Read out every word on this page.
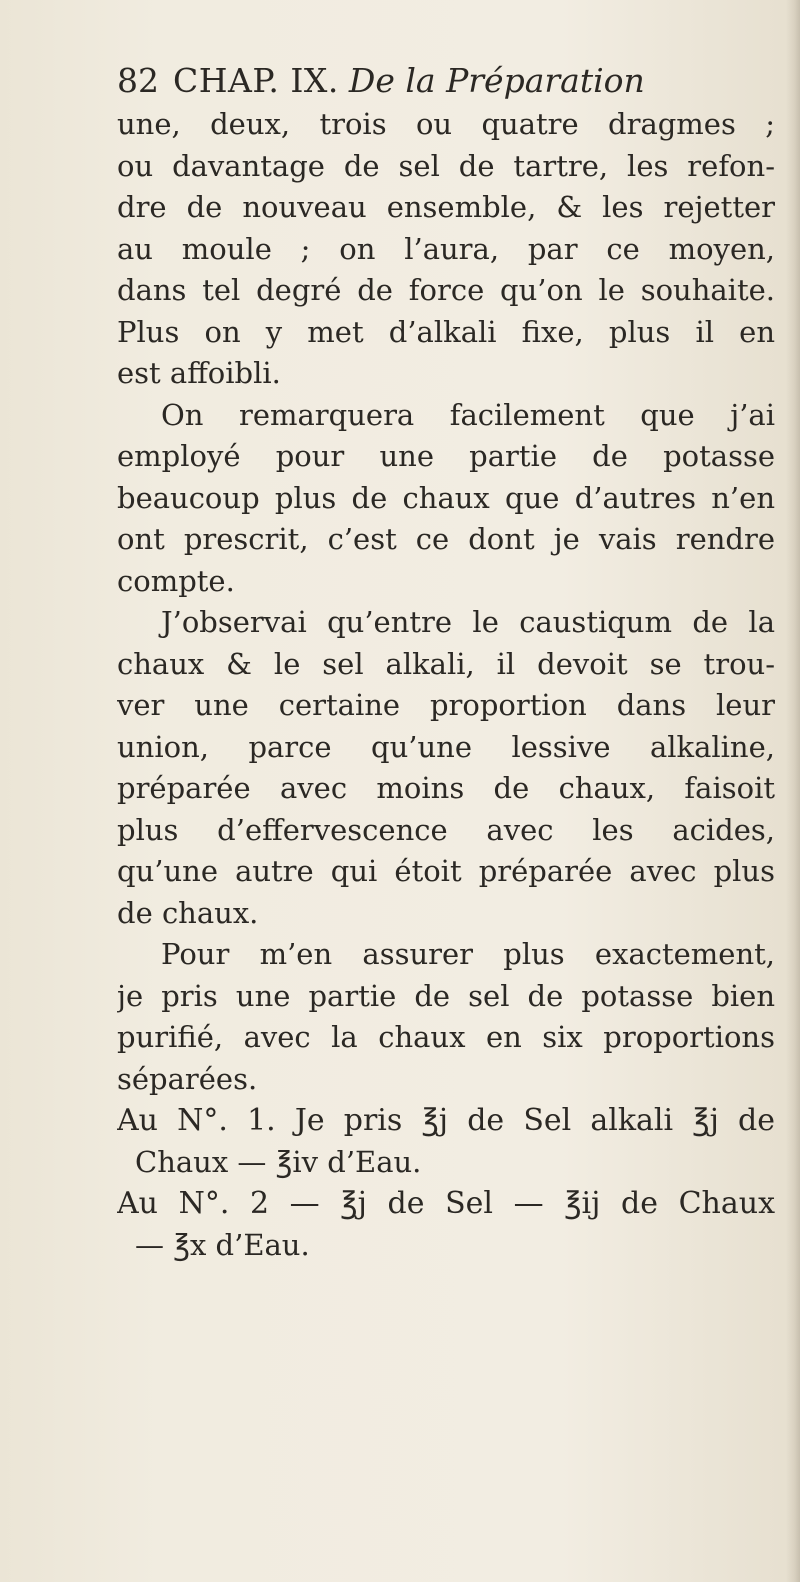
82 CHAP. IX. De la Préparation
une, deux, trois ou quatre dragmes ;
ou davantage de sel de tartre, les refon-
dre de nouveau ensemble, & les rejetter
au moule ; on l’aura, par ce moyen,
dans tel degré de force qu’on le souhaite.
Plus on y met d’alkali fixe, plus il en
est affoibli.
On remarquera facilement que j’ai
employé pour une partie de potasse
beaucoup plus de chaux que d’autres n’en
ont prescrit, c’est ce dont je vais rendre
compte.
J’observai qu’entre le caustiqum de la
chaux & le sel alkali, il devoit se trou-
ver une certaine proportion dans leur
union, parce qu’une lessive alkaline,
préparée avec moins de chaux, faisoit
plus d’effervescence avec les acides,
qu’une autre qui étoit préparée avec plus
de chaux.
Pour m’en assurer plus exactement,
je pris une partie de sel de potasse bien
purifié, avec la chaux en six proportions
séparées.
Au N°. 1. Je pris ℥j de Sel alkali ℥j de
Chaux — ℥iv d’Eau.
Au N°. 2 — ℥j de Sel — ℥ij de Chaux
— ℥x d’Eau.
